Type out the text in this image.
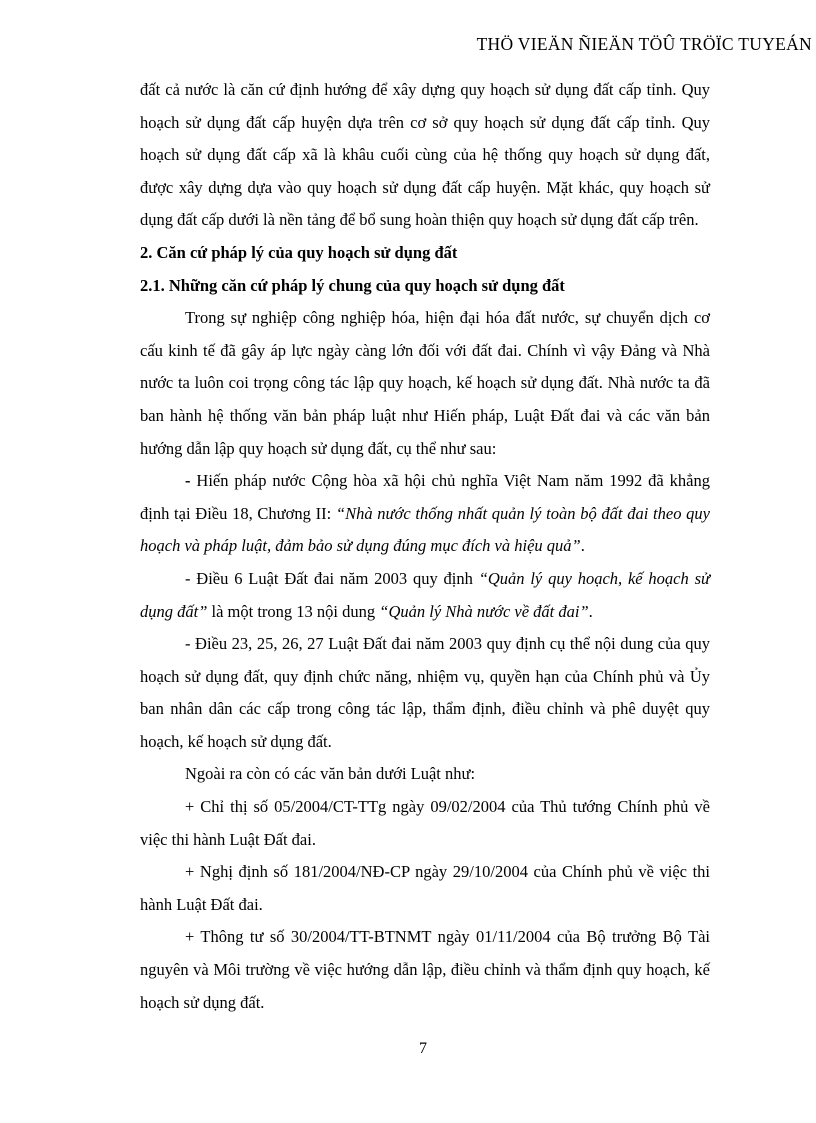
THÖ VIEÄN ÑIEÄN TÖÛ TRÖÏC TUYEÁN

đất cả nước là căn cứ định hướng để xây dựng quy hoạch sử dụng đất cấp tỉnh. Quy hoạch sử dụng đất cấp huyện dựa trên cơ sở quy hoạch sử dụng đất cấp tỉnh. Quy hoạch sử dụng đất cấp xã là khâu cuối cùng của hệ thống quy hoạch sử dụng đất, được xây dựng dựa vào quy hoạch sử dụng đất cấp huyện. Mặt khác, quy hoạch sử dụng đất cấp dưới là nền tảng để bổ sung hoàn thiện quy hoạch sử dụng đất cấp trên.

2. Căn cứ pháp lý của quy hoạch sử dụng đất

2.1. Những căn cứ pháp lý chung của quy hoạch sử dụng đất

Trong sự nghiệp công nghiệp hóa, hiện đại hóa đất nước, sự chuyển dịch cơ cấu kinh tế đã gây áp lực ngày càng lớn đối với đất đai. Chính vì vậy Đảng và Nhà nước ta luôn coi trọng công tác lập quy hoạch, kế hoạch sử dụng đất. Nhà nước ta đã ban hành hệ thống văn bản pháp luật như Hiến pháp, Luật Đất đai và các văn bản hướng dẫn lập quy hoạch sử dụng đất, cụ thể như sau:

- Hiến pháp nước Cộng hòa xã hội chủ nghĩa Việt Nam năm 1992 đã khẳng định tại Điều 18, Chương II: “Nhà nước thống nhất quản lý toàn bộ đất đai theo quy hoạch và pháp luật, đảm bảo sử dụng đúng mục đích và hiệu quả”.

- Điều 6 Luật Đất đai năm 2003 quy định “Quản lý quy hoạch, kế hoạch sử dụng đất” là một trong 13 nội dung “Quản lý Nhà nước về đất đai”.

- Điều 23, 25, 26, 27 Luật Đất đai năm 2003 quy định cụ thể nội dung của quy hoạch sử dụng đất, quy định chức năng, nhiệm vụ, quyền hạn của Chính phủ và Ủy ban nhân dân các cấp trong công tác lập, thẩm định, điều chỉnh và phê duyệt quy hoạch, kế hoạch sử dụng đất.

Ngoài ra còn có các văn bản dưới Luật như:

+ Chỉ thị số 05/2004/CT-TTg ngày 09/02/2004 của Thủ tướng Chính phủ về việc thi hành Luật Đất đai.

+ Nghị định số 181/2004/NĐ-CP ngày 29/10/2004 của Chính phủ về việc thi hành Luật Đất đai.

+ Thông tư số 30/2004/TT-BTNMT ngày 01/11/2004 của Bộ trưởng Bộ Tài nguyên và Môi trường về việc hướng dẫn lập, điều chỉnh và thẩm định quy hoạch, kế hoạch sử dụng đất.

7
